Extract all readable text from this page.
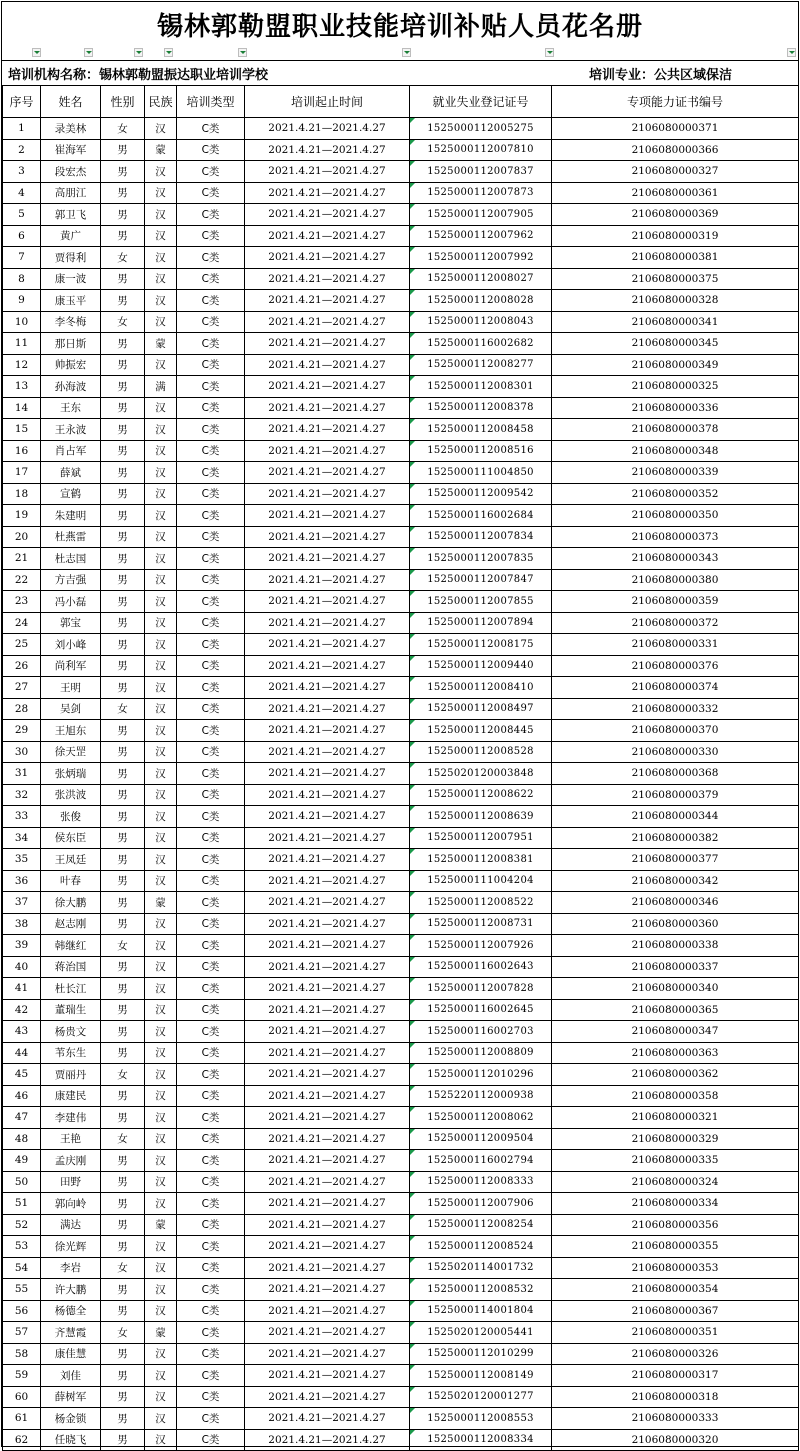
锡林郭勒盟职业技能培训补贴人员花名册
培训机构名称：锡林郭勒盟振达职业培训学校	培训专业：公共区域保洁
序号	姓名	性别	民族	培训类型	培训起止时间	就业失业登记证号	专项能力证书编号
1	录美林	女	汉	C类	2021.4.21—2021.4.27	1525000112005275	2106080000371
2	崔海军	男	蒙	C类	2021.4.21—2021.4.27	1525000112007810	2106080000366
3	段宏杰	男	汉	C类	2021.4.21—2021.4.27	1525000112007837	2106080000327
4	高朋江	男	汉	C类	2021.4.21—2021.4.27	1525000112007873	2106080000361
5	郭卫飞	男	汉	C类	2021.4.21—2021.4.27	1525000112007905	2106080000369
6	黄广	男	汉	C类	2021.4.21—2021.4.27	1525000112007962	2106080000319
7	贾得利	女	汉	C类	2021.4.21—2021.4.27	1525000112007992	2106080000381
8	康一波	男	汉	C类	2021.4.21—2021.4.27	1525000112008027	2106080000375
9	康玉平	男	汉	C类	2021.4.21—2021.4.27	1525000112008028	2106080000328
10	李冬梅	女	汉	C类	2021.4.21—2021.4.27	1525000112008043	2106080000341
11	那日斯	男	蒙	C类	2021.4.21—2021.4.27	1525000116002682	2106080000345
12	帅振宏	男	汉	C类	2021.4.21—2021.4.27	1525000112008277	2106080000349
13	孙海波	男	满	C类	2021.4.21—2021.4.27	1525000112008301	2106080000325
14	王东	男	汉	C类	2021.4.21—2021.4.27	1525000112008378	2106080000336
15	王永波	男	汉	C类	2021.4.21—2021.4.27	1525000112008458	2106080000378
16	肖占军	男	汉	C类	2021.4.21—2021.4.27	1525000112008516	2106080000348
17	薛斌	男	汉	C类	2021.4.21—2021.4.27	1525000111004850	2106080000339
18	宣鹤	男	汉	C类	2021.4.21—2021.4.27	1525000112009542	2106080000352
19	朱建明	男	汉	C类	2021.4.21—2021.4.27	1525000116002684	2106080000350
20	杜燕雷	男	汉	C类	2021.4.21—2021.4.27	1525000112007834	2106080000373
21	杜志国	男	汉	C类	2021.4.21—2021.4.27	1525000112007835	2106080000343
22	方吉强	男	汉	C类	2021.4.21—2021.4.27	1525000112007847	2106080000380
23	冯小磊	男	汉	C类	2021.4.21—2021.4.27	1525000112007855	2106080000359
24	郭宝	男	汉	C类	2021.4.21—2021.4.27	1525000112007894	2106080000372
25	刘小峰	男	汉	C类	2021.4.21—2021.4.27	1525000112008175	2106080000331
26	尚利军	男	汉	C类	2021.4.21—2021.4.27	1525000112009440	2106080000376
27	王明	男	汉	C类	2021.4.21—2021.4.27	1525000112008410	2106080000374
28	吴剑	女	汉	C类	2021.4.21—2021.4.27	1525000112008497	2106080000332
29	王旭东	男	汉	C类	2021.4.21—2021.4.27	1525000112008445	2106080000370
30	徐天罡	男	汉	C类	2021.4.21—2021.4.27	1525000112008528	2106080000330
31	张炳瑞	男	汉	C类	2021.4.21—2021.4.27	1525020120003848	2106080000368
32	张洪波	男	汉	C类	2021.4.21—2021.4.27	1525000112008622	2106080000379
33	张俊	男	汉	C类	2021.4.21—2021.4.27	1525000112008639	2106080000344
34	侯东臣	男	汉	C类	2021.4.21—2021.4.27	1525000112007951	2106080000382
35	王凤廷	男	汉	C类	2021.4.21—2021.4.27	1525000112008381	2106080000377
36	叶春	男	汉	C类	2021.4.21—2021.4.27	1525000111004204	2106080000342
37	徐大鹏	男	蒙	C类	2021.4.21—2021.4.27	1525000112008522	2106080000346
38	赵志刚	男	汉	C类	2021.4.21—2021.4.27	1525000112008731	2106080000360
39	韩继红	女	汉	C类	2021.4.21—2021.4.27	1525000112007926	2106080000338
40	蒋治国	男	汉	C类	2021.4.21—2021.4.27	1525000116002643	2106080000337
41	杜长江	男	汉	C类	2021.4.21—2021.4.27	1525000112007828	2106080000340
42	董瑞生	男	汉	C类	2021.4.21—2021.4.27	1525000116002645	2106080000365
43	杨贵文	男	汉	C类	2021.4.21—2021.4.27	1525000116002703	2106080000347
44	苇东生	男	汉	C类	2021.4.21—2021.4.27	1525000112008809	2106080000363
45	贾丽丹	女	汉	C类	2021.4.21—2021.4.27	1525000112010296	2106080000362
46	康建民	男	汉	C类	2021.4.21—2021.4.27	1525220112000938	2106080000358
47	李建伟	男	汉	C类	2021.4.21—2021.4.27	1525000112008062	2106080000321
48	王艳	女	汉	C类	2021.4.21—2021.4.27	1525000112009504	2106080000329
49	孟庆刚	男	汉	C类	2021.4.21—2021.4.27	1525000116002794	2106080000335
50	田野	男	汉	C类	2021.4.21—2021.4.27	1525000112008333	2106080000324
51	郭向岭	男	汉	C类	2021.4.21—2021.4.27	1525000112007906	2106080000334
52	满达	男	蒙	C类	2021.4.21—2021.4.27	1525000112008254	2106080000356
53	徐光辉	男	汉	C类	2021.4.21—2021.4.27	1525000112008524	2106080000355
54	李岩	女	汉	C类	2021.4.21—2021.4.27	1525020114001732	2106080000353
55	许大鹏	男	汉	C类	2021.4.21—2021.4.27	1525000112008532	2106080000354
56	杨德全	男	汉	C类	2021.4.21—2021.4.27	1525000114001804	2106080000367
57	齐慧霞	女	蒙	C类	2021.4.21—2021.4.27	1525020120005441	2106080000351
58	康佳慧	男	汉	C类	2021.4.21—2021.4.27	1525000112010299	2106080000326
59	刘佳	男	汉	C类	2021.4.21—2021.4.27	1525000112008149	2106080000317
60	薛树军	男	汉	C类	2021.4.21—2021.4.27	1525020120001277	2106080000318
61	杨金锁	男	汉	C类	2021.4.21—2021.4.27	1525000112008553	2106080000333
62	任晓飞	男	汉	C类	2021.4.21—2021.4.27	1525000112008334	2106080000320
